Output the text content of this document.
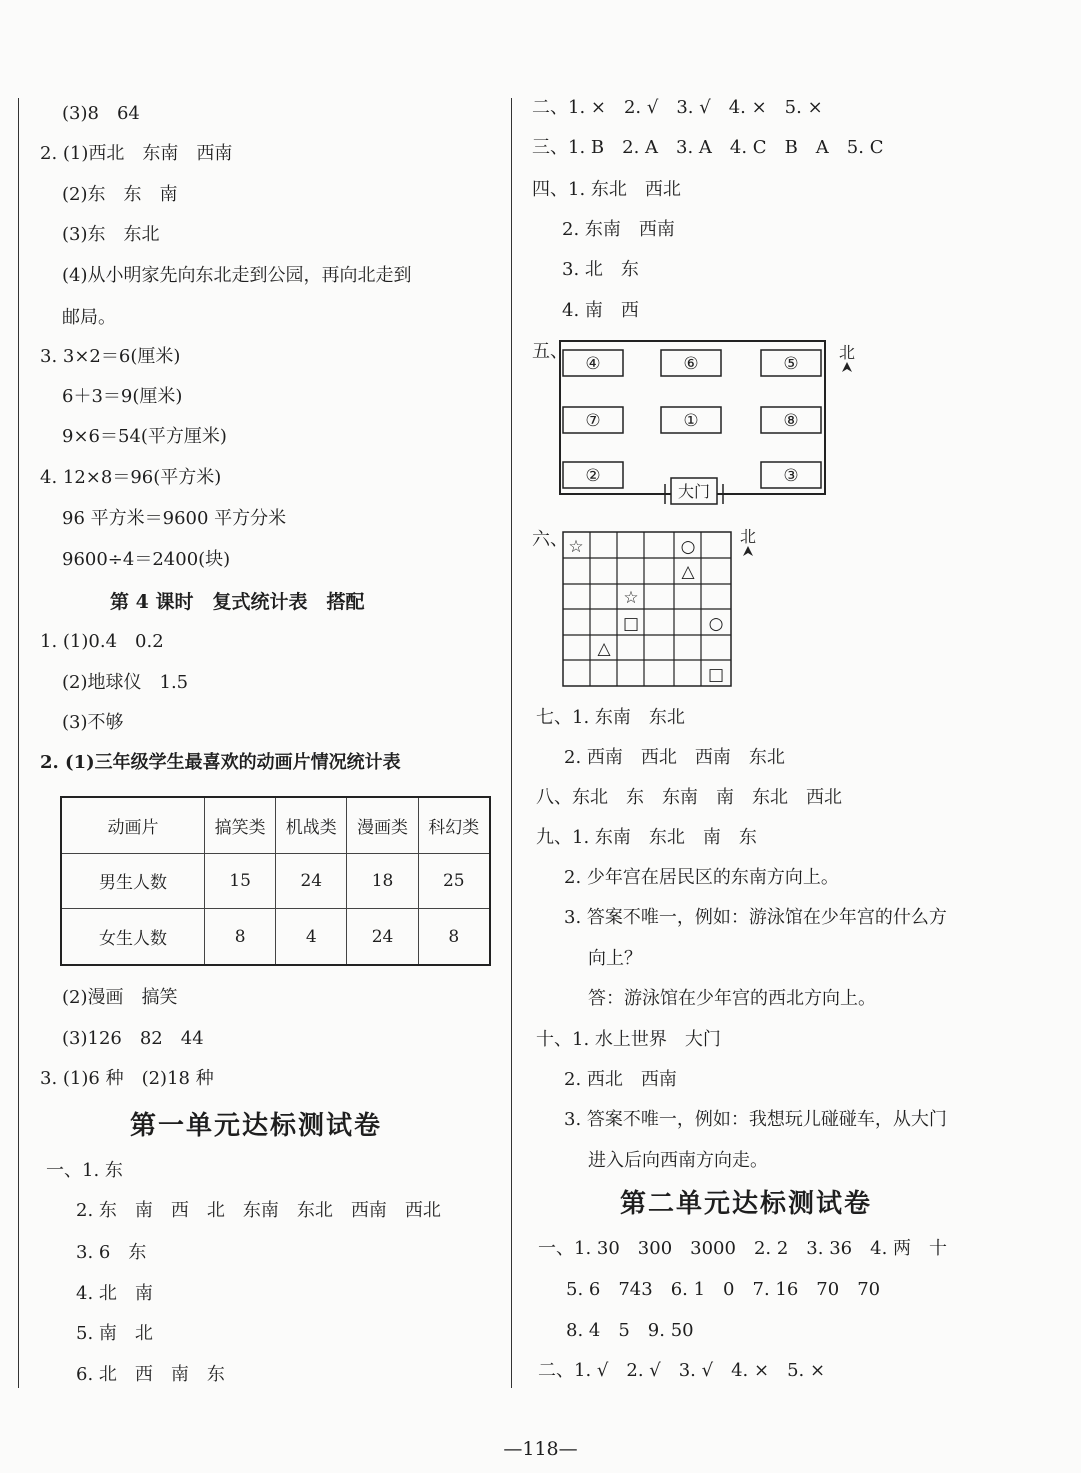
(3)8　64
2. (1)西北　东南　西南
(2)东　东　南
(3)东　东北
(4)从小明家先向东北走到公园，再向北走到
邮局。
3. 3×2＝6(厘米)
6＋3＝9(厘米)
9×6＝54(平方厘米)
4. 12×8＝96(平方米)
96 平方米＝9600 平方分米
9600÷4＝2400(块)
第 4 课时　复式统计表　搭配
1. (1)0.4　0.2
(2)地球仪　1.5
(3)不够
2. (1)三年级学生最喜欢的动画片情况统计表
动画片	搞笑类	机战类	漫画类	科幻类
男生人数	15	24	18	25
女生人数	8	4	24	8
(2)漫画　搞笑
(3)126　82　44
3. (1)6 种　(2)18 种
第一单元达标测试卷
一、1. 东
2. 东　南　西　北　东南　东北　西南　西北
3. 6　东
4. 北　南
5. 南　北
6. 北　西　南　东
二、1. ×　2. √　3. √　4. ×　5. ×
三、1. B　2. A　3. A　4. C　B　A　5. C
四、1. 东北　西北
2. 东南　西南
3. 北　东
4. 南　西
五、
④	⑥	⑤
⑦	①	⑧
②	③
大门
北
六、 ☆	○
△
☆
□	○
△
□
北
七、1. 东南　东北
2. 西南　西北　西南　东北
八、东北　东　东南　南　东北　西北
九、1. 东南　东北　南　东
2. 少年宫在居民区的东南方向上。
3. 答案不唯一，例如：游泳馆在少年宫的什么方
向上？
答：游泳馆在少年宫的西北方向上。
十、1. 水上世界　大门
2. 西北　西南
3. 答案不唯一，例如：我想玩儿碰碰车，从大门
进入后向西南方向走。
第二单元达标测试卷
一、1. 30　300　3000　2. 2　3. 36　4. 两　十
5. 6　743　6. 1　0　7. 16　70　70
8. 4　5　9. 50
二、1. √　2. √　3. √　4. ×　5. ×
—118—
